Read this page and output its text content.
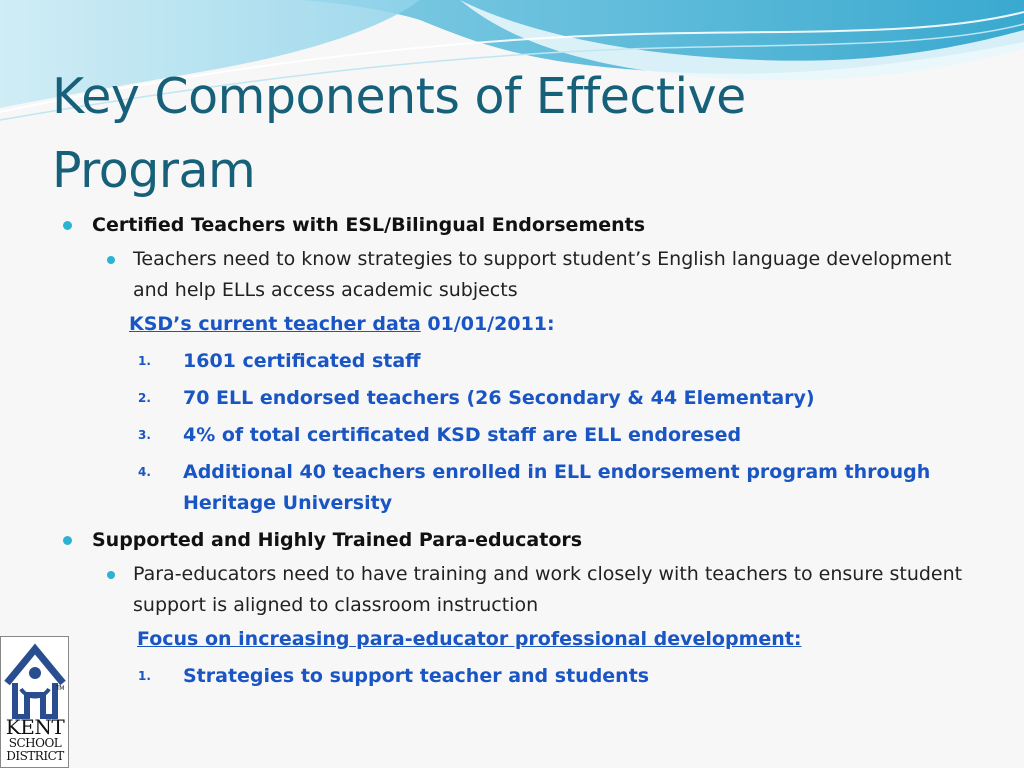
Key Components of Effective Program
Certified Teachers with ESL/Bilingual Endorsements
Teachers need to know strategies to support student’s English language development and help ELLs access academic subjects
KSD’s current teacher data 01/01/2011:
1. 1601 certificated staff
2. 70 ELL endorsed teachers (26 Secondary & 44 Elementary)
3. 4% of total certificated KSD staff are ELL endoresed
4. Additional 40 teachers enrolled in ELL endorsement program through Heritage University
Supported and Highly Trained Para-educators
Para-educators need to have training and work closely with teachers to ensure student support is aligned to classroom instruction
Focus on increasing para-educator professional development:
1. Strategies to support teacher and students
TM
KENT
SCHOOL
DISTRICT
